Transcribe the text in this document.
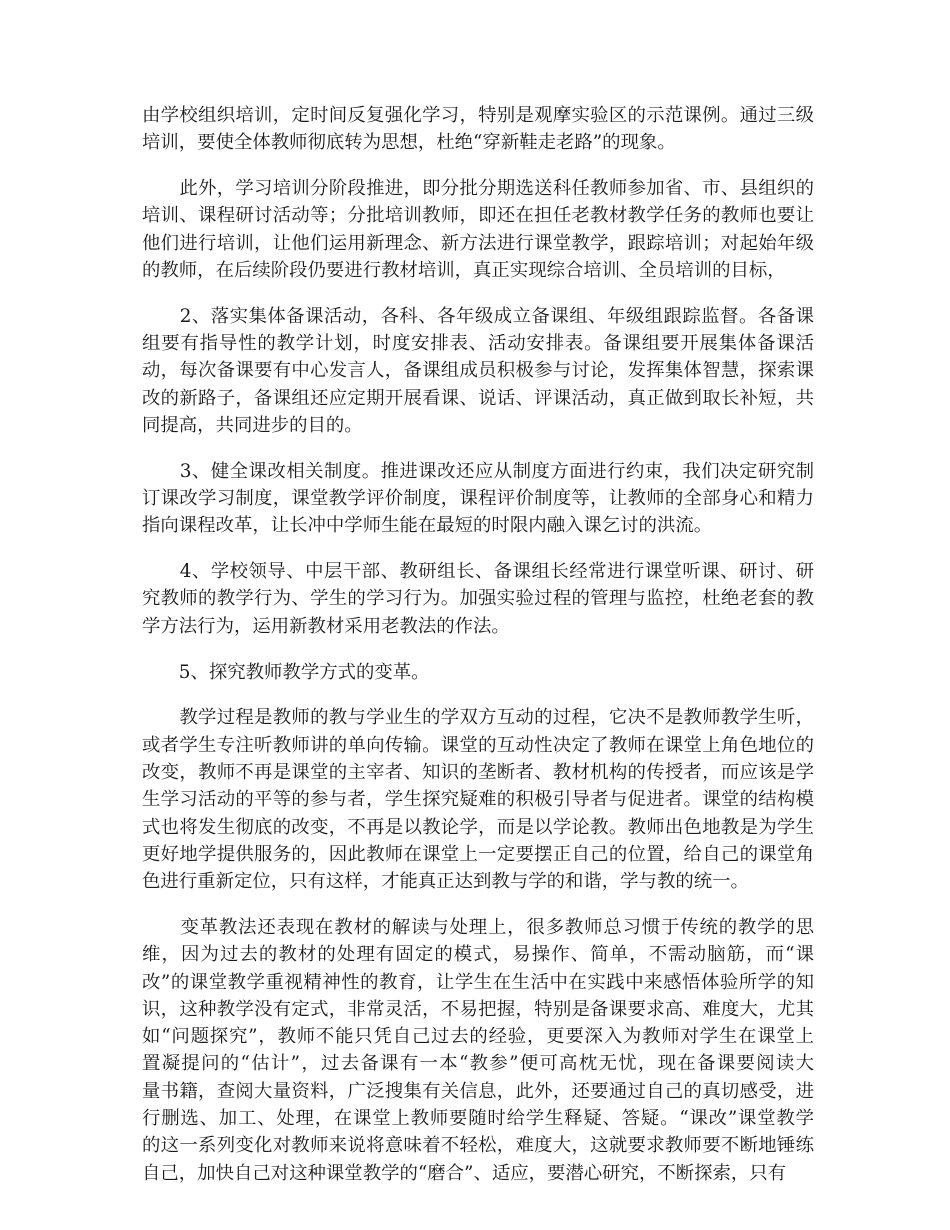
由学校组织培训，定时间反复强化学习，特别是观摩实验区的示范课例。通过三级
培训，要使全体教师彻底转为思想，杜绝“穿新鞋走老路”的现象。
　　此外，学习培训分阶段推进，即分批分期选送科任教师参加省、市、县组织的
培训、课程研讨活动等；分批培训教师，即还在担任老教材教学任务的教师也要让
他们进行培训，让他们运用新理念、新方法进行课堂教学，跟踪培训；对起始年级
的教师，在后续阶段仍要进行教材培训，真正实现综合培训、全员培训的目标，
　　2、落实集体备课活动，各科、各年级成立备课组、年级组跟踪监督。各备课
组要有指导性的教学计划，时度安排表、活动安排表。备课组要开展集体备课活
动，每次备课要有中心发言人，备课组成员积极参与讨论，发挥集体智慧，探索课
改的新路子，备课组还应定期开展看课、说话、评课活动，真正做到取长补短，共
同提高，共同进步的目的。
　　3、健全课改相关制度。推进课改还应从制度方面进行约束，我们决定研究制
订课改学习制度，课堂教学评价制度，课程评价制度等，让教师的全部身心和精力
指向课程改革，让长冲中学师生能在最短的时限内融入课乞讨的洪流。
　　4、学校领导、中层干部、教研组长、备课组长经常进行课堂听课、研讨、研
究教师的教学行为、学生的学习行为。加强实验过程的管理与监控，杜绝老套的教
学方法行为，运用新教材采用老教法的作法。
　　5、探究教师教学方式的变革。
　　教学过程是教师的教与学业生的学双方互动的过程，它决不是教师教学生听，
或者学生专注听教师讲的单向传输。课堂的互动性决定了教师在课堂上角色地位的
改变，教师不再是课堂的主宰者、知识的垄断者、教材机构的传授者，而应该是学
生学习活动的平等的参与者，学生探究疑难的积极引导者与促进者。课堂的结构模
式也将发生彻底的改变，不再是以教论学，而是以学论教。教师出色地教是为学生
更好地学提供服务的，因此教师在课堂上一定要摆正自己的位置，给自己的课堂角
色进行重新定位，只有这样，才能真正达到教与学的和谐，学与教的统一。
　　变革教法还表现在教材的解读与处理上，很多教师总习惯于传统的教学的思
维，因为过去的教材的处理有固定的模式，易操作、简单，不需动脑筋，而“课
改”的课堂教学重视精神性的教育，让学生在生活中在实践中来感悟体验所学的知
识，这种教学没有定式，非常灵活，不易把握，特别是备课要求高、难度大，尤其
如“问题探究”，教师不能只凭自己过去的经验，更要深入为教师对学生在课堂上
置凝提问的“估计”，过去备课有一本“教参”便可高枕无忧，现在备课要阅读大
量书籍，查阅大量资料，广泛搜集有关信息，此外，还要通过自己的真切感受，进
行删选、加工、处理，在课堂上教师要随时给学生释疑、答疑。“课改”课堂教学
的这一系列变化对教师来说将意味着不轻松，难度大，这就要求教师要不断地锤练
自己，加快自己对这种课堂教学的“磨合”、适应，要潜心研究，不断探索，只有
